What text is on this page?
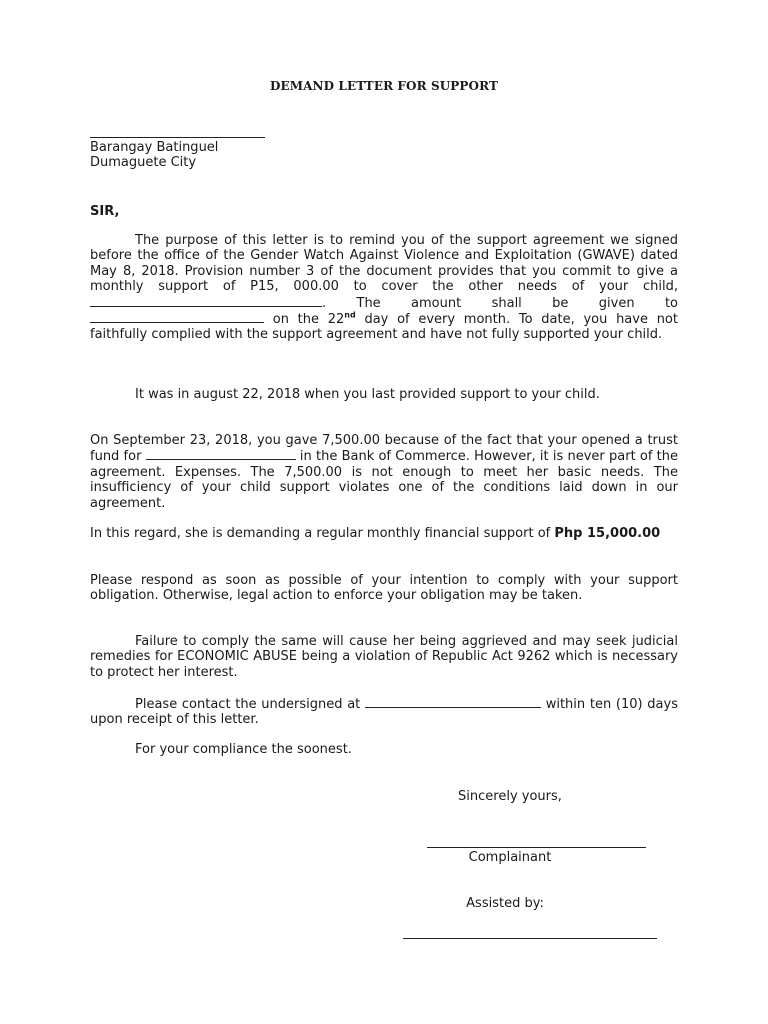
DEMAND LETTER FOR SUPPORT
Barangay Batinguel
Dumaguete City
SIR,

The purpose of this letter is to remind you of the support agreement we signed before the office of the Gender Watch Against Violence and Exploitation (GWAVE) dated May 8, 2018. Provision number 3 of the document provides that you commit to give a monthly support of P15, 000.00 to cover the other needs of your child, . The amount shall be given to  on the 22nd day of every month. To date, you have not faithfully complied with the support agreement and have not fully supported your child.

It was in august 22, 2018 when you last provided support to your child.

On September 23, 2018, you gave 7,500.00 because of the fact that your opened a trust fund for	in the Bank of Commerce. However, it is never part of the agreement. Expenses. The 7,500.00 is not enough to meet her basic needs. The insufficiency of your child support violates one of the conditions laid down in our agreement.

In this regard, she is demanding a regular monthly financial support of Php 15,000.00

Please respond as soon as possible of your intention to comply with your support obligation. Otherwise, legal action to enforce your obligation may be taken.

Failure to comply the same will cause her being aggrieved and may seek judicial remedies for ECONOMIC ABUSE being a violation of Republic Act 9262 which is necessary to protect her interest.

Please contact the undersigned at	within ten (10) days upon receipt of this letter.

For your compliance the soonest.

Sincerely yours,
Complainant
Assisted by:
